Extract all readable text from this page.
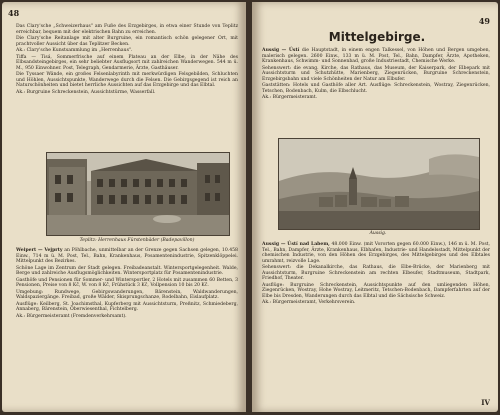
48

Das Clary'sche „Schweizerhaus" am Fuße des Erzgebirges, in etwa einer Stunde von Teplitz erreichbar, bequem mit der elektrischen Bahn zu erreichen.

Die Clary'sche Reitanlage mit alter Burgruine, ein romantisch schön gelegener Ort, mit prachtvoller Aussicht über das Teplitzer Becken.

Ak.: Clary'sche Kunstsammlung im „Herrenhaus".

Tiffa — Tisá, Sommerfrische auf einem Plateau an der Elbe, in der Nähe des Elbsandsteingebirges, ein sehr beliebter Ausflugsort mit zahlreichen Wanderwegen. 544 m ü. M., 950 Einwohner. Post, Telegraph, Gendarmerie, Ärzte, Gasthäuser.

Die Tyssaer Wände, ein großes Felsenlabyrinth mit merkwürdigen Felsgebilden, Schluchten und Höhlen, Aussichtspunkte, Wanderwege durch die Felsen. Die Gebirgsgegend ist reich an Naturschönheiten und bietet herrliche Aussichten auf das Erzgebirge und das Elbtal.

Ak.: Burgruine Schreckenstein, Aussichtstürme, Wasserfall.

Teplitz: Herrenhaus Fürstenbäder (Badepavillon)

Weipert — Vejprty an Pöhlbache, unmittelbar an der Grenze gegen Sachsen gelegen, 10.458 Einw., 714 m ü. M. Post, Tel., Bahn, Krankenhaus, Posamentenindustrie, Spitzenklöppelei. Mittelpunkt des Bezirkes.

Schöne Lage im Zentrum der Stadt gelegen. Freibadeanstalt. Wintersportgelegenheit. Walde, Berge und zahlreiche Ausflugsmöglichkeiten. Wintersportplatz für Posamentenindustrie.

Gasthöfe und Pensionen für Sommer- und Wintersportler, 2 Hotels mit zusammen 60 Betten, 3 Pensionen, Preise von 8 Kč, W. von 8 Kč, Frühstück 3 Kč, Vollpension 10 bis 20 Kč.

Umgebung: Rundwege, Gebirgswanderungen, Bärenstein, Waldwanderungen, Waldspaziergänge. Freibad, große Wälder, Skisprungschanze, Rodelbahn, Eislaufplatz.

Ausflüge: Keilberg, St. Joachimsthal, Kupferberg mit Aussichtsturm, Preßnitz, Schmiedeberg, Annaberg, Bärenstein, Oberwiesenthal, Fichtelberg.

Ak.: Bürgermeisteramt (Fremdenverkehrsamt).

49
Mittelgebirge.

Aussig — Ústí die Hauptstadt, in einem engen Talkessel, von Höhen und Bergen umgeben, malerisch gelegen. 2600 Einw., 133 m ü. M. Post, Tel., Bahn, Dampfer, Ärzte, Apotheken, Krankenhaus, Schwimm- und Sonnenbad, große Industriestadt, Chemische Werke.

Sehenswert: die evang. Kirche, das Rathaus, das Museum, der Kaiserpark, der Elbepark mit Aussichtsturm und Schutzhütte, Marienberg, Ziegenrücken, Burgruine Schreckenstein, Erzgebirgsbahn und viele Schönheiten der Natur am Elbufer.

Gaststätten: Hotels und Gasthöfe aller Art. Ausflüge: Schreckenstein, Wostray, Ziegenrücken, Tetschen, Bodenbach, Kulm, die Elbschlucht.

Ak.: Bürgermeisteramt.

Aussig.

Aussig — Ústí nad Labem, 48.000 Einw. (mit Vororten gegen 60.000 Einw.), 146 m ü. M. Post, Tel., Bahn, Dampfer, Ärzte, Krankenhaus, Elbhafen, Industrie- und Handelsstadt, Mittelpunkt der chemischen Industrie, von den Höhen des Erzgebirges, des Mittelgebirges und des Elbtales umrahmt, reizvolle Lage.

Sehenswert: die Dekanalkirche, das Rathaus, die Elbe-Brücke, der Marienberg mit Aussichtsturm, Burgruine Schreckenstein am rechten Elbeufer, Stadtmuseum, Stadtpark, Friedhof, Theater.

Ausflüge: Burgruine Schreckenstein, Aussichtspunkte auf den umliegenden Höhen, Ziegenrücken, Wostray, Hohe Wostray, Leitmeritz, Tetschen-Bodenbach, Dampferfahrten auf der Elbe bis Dresden, Wanderungen durch das Elbtal und die Sächsische Schweiz.

Ak.: Bürgermeisteramt, Verkehrsverein.

IV
